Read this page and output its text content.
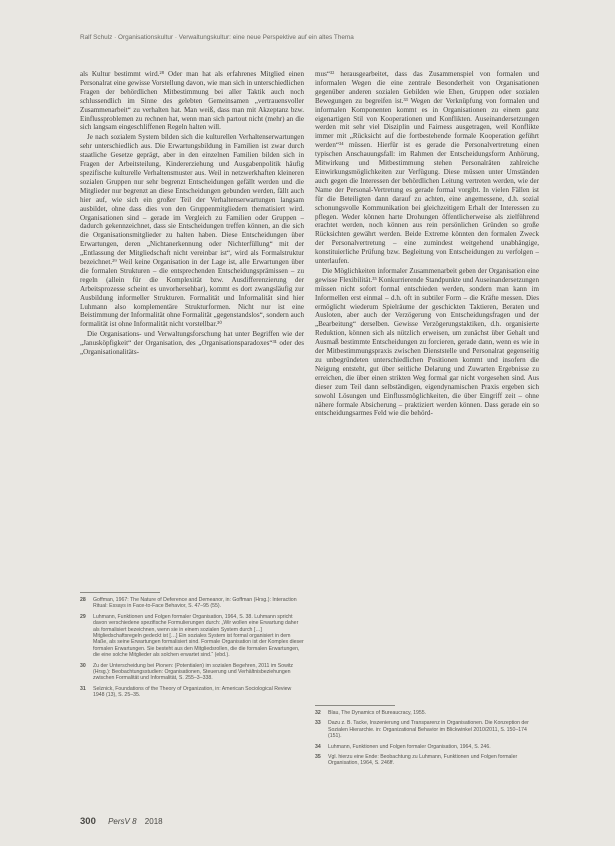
Ralf Schulz · Organisationskultur · Verwaltungskultur: eine neue Perspektive auf ein altes Thema

als Kultur bestimmt wird.²⁸ Oder man hat als erfahrenes Mitglied einen Personalrat eine gewisse Vorstellung davon, wie man sich in unterschiedlichen Fragen der behördlichen Mitbestimmung bei aller Taktik auch noch schlussendlich im Sinne des gelebten Gemeinsamen „vertrauensvoller Zusammenarbeit“ zu verhalten hat. Man weiß, dass man mit Akzeptanz bzw. Einflussproblemen zu rechnen hat, wenn man sich partout nicht (mehr) an die sich langsam eingeschliffenen Regeln halten will.

Je nach sozialem System bilden sich die kulturellen Verhaltenserwartungen sehr unterschiedlich aus. Die Erwartungsbildung in Familien ist zwar durch staatliche Gesetze geprägt, aber in den einzelnen Familien bilden sich in Fragen der Arbeitsteilung, Kindererziehung und Ausgabenpolitik häufig spezifische kulturelle Verhaltensmuster aus. Weil in netzwerkhaften kleineren sozialen Gruppen nur sehr begrenzt Entscheidungen gefällt werden und die Mitglieder nur begrenzt an diese Entscheidungen gebunden werden, fällt auch hier auf, wie sich ein großer Teil der Verhaltenserwartungen langsam ausbildet, ohne dass dies von den Gruppenmitgliedern thematisiert wird. Organisationen sind – gerade im Vergleich zu Familien oder Gruppen – dadurch gekennzeichnet, dass sie Entscheidungen treffen können, an die sich die Organisationsmitglieder zu halten haben. Diese Entscheidungen über Erwartungen, deren „Nichtanerkennung oder Nichterfüllung“ mit der „Entlassung der Mitgliedschaft nicht vereinbar ist“, wird als Formalstruktur bezeichnet.²⁹ Weil keine Organisation in der Lage ist, alle Erwartungen über die formalen Strukturen – die entsprechenden Entscheidungsprämissen – zu regeln (allein für die Komplexität bzw. Ausdifferenzierung der Arbeitsprozesse scheint es unvorhersehbar), kommt es dort zwangsläufig zur Ausbildung informeller Strukturen. Formalität und Informalität sind hier Luhmann also komplementäre Strukturformen. Nicht nur ist eine Beistimmung der Informalität ohne Formalität „gegenstandslos“, sondern auch formalität ist ohne Informalität nicht vorstellbar.³⁰

Die Organisations- und Verwaltungsforschung hat unter Begriffen wie der „Janusköpfigkeit“ der Organisation, des „Organisationsparadoxes“³¹ oder des „Organisationalitäts-

mus“³² herausgearbeitet, dass das Zusammenspiel von formalen und informalen Wegen die eine zentrale Besonderheit von Organisationen gegenüber anderen sozialen Gebilden wie Ehen, Gruppen oder sozialen Bewegungen zu begreifen ist.³³ Wegen der Verknüpfung von formalen und informalen Komponenten kommt es in Organisationen zu einem ganz eigenartigen Stil von Kooperationen und Konflikten. Auseinandersetzungen werden mit sehr viel Disziplin und Fairness ausgetragen, weil Konflikte immer mit „Rücksicht auf die fortbestehende formale Kooperation geführt werden“³⁴ müssen. Hierfür ist es gerade die Personalvertretung einen typischen Anschauungsfall: im Rahmen der Entscheidungsform Anhörung, Mitwirkung und Mitbestimmung stehen Personalräten zahlreiche Einwirkungsmöglichkeiten zur Verfügung. Diese müssen unter Umständen auch gegen die Interessen der behördlichen Leitung vertreten werden, wie der Name der Personal-Vertretung es gerade formal vorgibt. In vielen Fällen ist für die Beteiligten dann darauf zu achten, eine angemessene, d.h. sozial schonungsvolle Kommunikation bei gleichzeitigem Erhalt der Interessen zu pflegen. Weder können harte Drohungen öffentlicherweise als zielführend erachtet werden, noch können aus rein persönlichen Gründen so große Rücksichten gewährt werden. Beide Extreme könnten den formalen Zweck der Personalvertretung – eine zumindest weitgehend unabhängige, konstituierliche Prüfung bzw. Begleitung von Entscheidungen zu verfolgen – unterlaufen.

Die Möglichkeiten informaler Zusammenarbeit geben der Organisation eine gewisse Flexibilität.³⁵ Konkurrierende Standpunkte und Auseinandersetzungen müssen nicht sofort formal entschieden werden, sondern man kann im Informellen erst einmal – d.h. oft in subtiler Form – die Kräfte messen. Dies ermöglicht wiederum Spielräume der geschickten Taktieren, Beraten und Ausloten, aber auch der Verzögerung von Entscheidungsfragen und der „Bearbeitung“ derselben. Gewisse Verzögerungstaktiken, d.h. organisierte Reduktion, können sich als nützlich erweisen, um zunächst über Gehalt und Ausmaß bestimmte Entscheidungen zu forcieren, gerade dann, wenn es wie in der Mitbestimmungspraxis zwischen Dienststelle und Personalrat gegenseitig zu unbegründeten unterschiedlichen Positionen kommt und insofern die Neigung entsteht, gut über seitliche Delarung und Zuwarten Ergebnisse zu erreichen, die über einen strikten Weg formal gar nicht vorgesehen sind. Aus dieser zum Teil dann selbständigen, eigendynamischen Praxis ergeben sich sowohl Lösungen und Einflussmöglichkeiten, die über Eingriff zeit – ohne nähere formale Absicherung – praktiziert werden können. Dass gerade ein so entscheidungsarmes Feld wie die behörd-

28	Goffman, 1967: The Nature of Deference and Demeanor, in: Goffman (Hrsg.): Interaction Ritual: Essays in Face-to-Face Behavior, S. 47–95 (55).
29	Luhmann, Funktionen und Folgen formaler Organisation, 1964, S. 38. Luhmann spricht davon verschiedene spezifische Formulierungen durch: „Wir wollen eine Erwartung daher als formalisiert bezeichnen, wenn sie in einem sozialen System durch […] Mitgliedschaftsregeln gedeckt ist […] Ein soziales System ist formal organisiert in dem Maße, als seine Erwartungen formalisiert sind. Formale Organisation ist der Komplex dieser formalen Erwartungen. Sie besteht aus den Mitgliedsrollen, die die formalen Erwartungen, die eine solche Mitglieder als solchen erwartet sind.“ (ebd.).
30	Zu der Unterscheidung bei Pionen: (Potentialen) im sozialen Begehren, 2011 im Sowitz (Hrsg.): Beobachtungsstudien: Organisationen, Steuerung und Verhältnisbeziehungen zwischen Formalität und Informalität, S. 255–3–338.
31	Selznick, Foundations of the Theory of Organization, in: American Sociological Review 1948 (13), S. 25–35.
32	Blau, The Dynamics of Bureaucracy, 1955.
33	Dazu z. B. Tacke, Inszenierung und Transparenz in Organisationen. Die Konzeption der Sozialen Hierarchie. in: Organizational Behavior im Blickwinkel 2010/2011, S. 150–174 (151).
34	Luhmann, Funktionen und Folgen formaler Organisation, 1964, S. 246.
35	Vgl. hierzu eine Ende: Beobachtung zu Luhmann, Funktionen und Folgen formaler Organisation, 1964, S. 246ff.
300 PersV 8 2018
